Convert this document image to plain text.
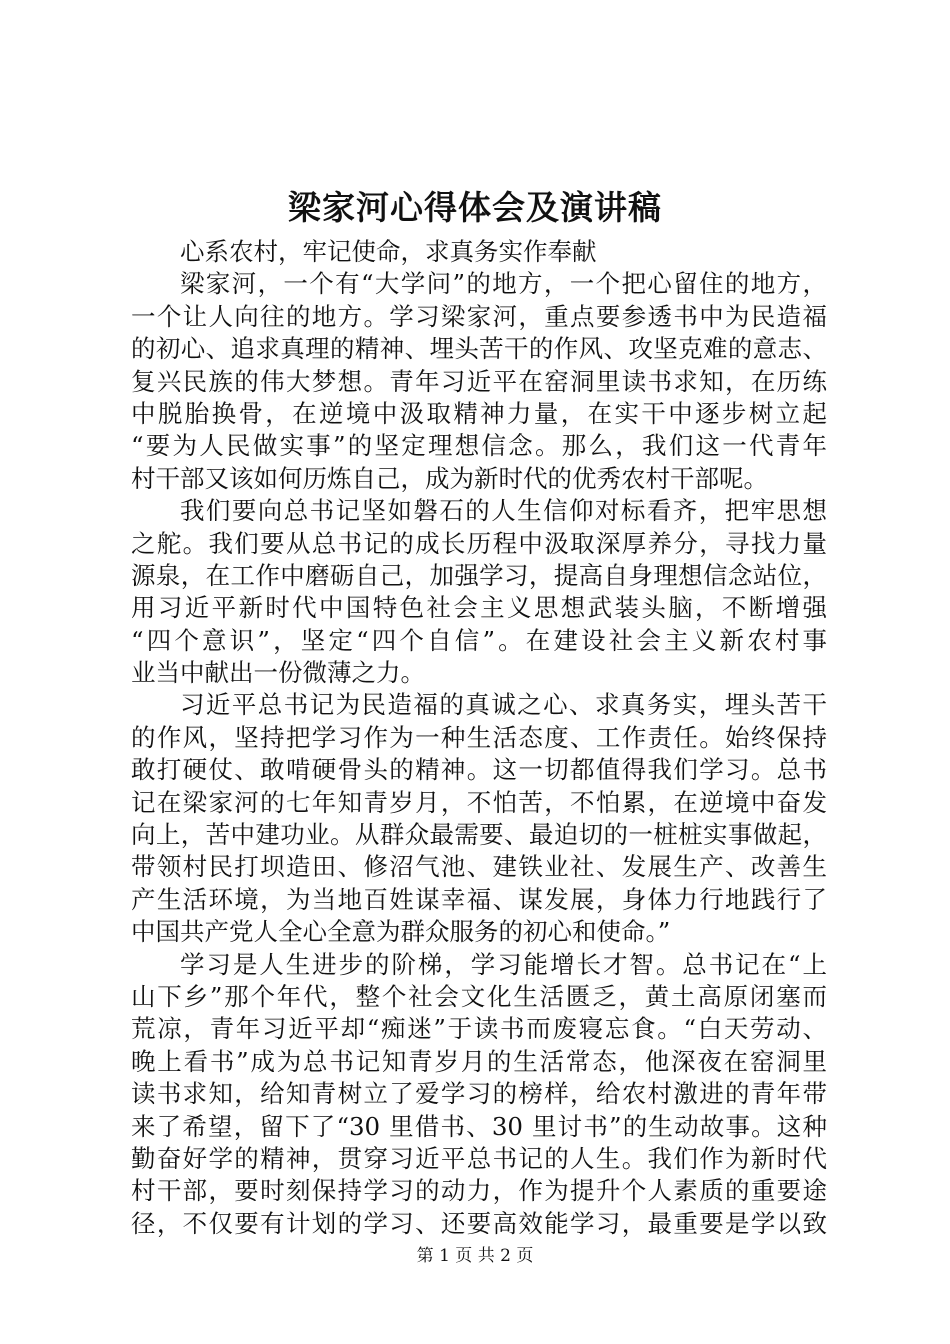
梁家河心得体会及演讲稿
心系农村，牢记使命，求真务实作奉献
梁家河，一个有“大学问”的地方，一个把心留住的地方，
一个让人向往的地方。学习梁家河，重点要参透书中为民造福
的初心、追求真理的精神、埋头苦干的作风、攻坚克难的意志、
复兴民族的伟大梦想。青年习近平在窑洞里读书求知，在历练
中脱胎换骨，在逆境中汲取精神力量，在实干中逐步树立起
“要为人民做实事”的坚定理想信念。那么，我们这一代青年
村干部又该如何历炼自己，成为新时代的优秀农村干部呢。
我们要向总书记坚如磐石的人生信仰对标看齐，把牢思想
之舵。我们要从总书记的成长历程中汲取深厚养分，寻找力量
源泉，在工作中磨砺自己，加强学习，提高自身理想信念站位，
用习近平新时代中国特色社会主义思想武装头脑，不断增强
“四个意识”，坚定“四个自信”。在建设社会主义新农村事
业当中献出一份微薄之力。
习近平总书记为民造福的真诚之心、求真务实，埋头苦干
的作风，坚持把学习作为一种生活态度、工作责任。始终保持
敢打硬仗、敢啃硬骨头的精神。这一切都值得我们学习。总书
记在梁家河的七年知青岁月，不怕苦，不怕累，在逆境中奋发
向上，苦中建功业。从群众最需要、最迫切的一桩桩实事做起，
带领村民打坝造田、修沼气池、建铁业社、发展生产、改善生
产生活环境，为当地百姓谋幸福、谋发展，身体力行地践行了
中国共产党人全心全意为群众服务的初心和使命。”
学习是人生进步的阶梯，学习能增长才智。总书记在“上
山下乡”那个年代，整个社会文化生活匮乏，黄土高原闭塞而
荒凉，青年习近平却“痴迷”于读书而废寝忘食。“白天劳动、
晚上看书”成为总书记知青岁月的生活常态，他深夜在窑洞里
读书求知，给知青树立了爱学习的榜样，给农村激进的青年带
来了希望，留下了“30 里借书、30 里讨书”的生动故事。这种
勤奋好学的精神，贯穿习近平总书记的人生。我们作为新时代
村干部，要时刻保持学习的动力，作为提升个人素质的重要途
径，不仅要有计划的学习、还要高效能学习，最重要是学以致
第 1 页 共 2 页
